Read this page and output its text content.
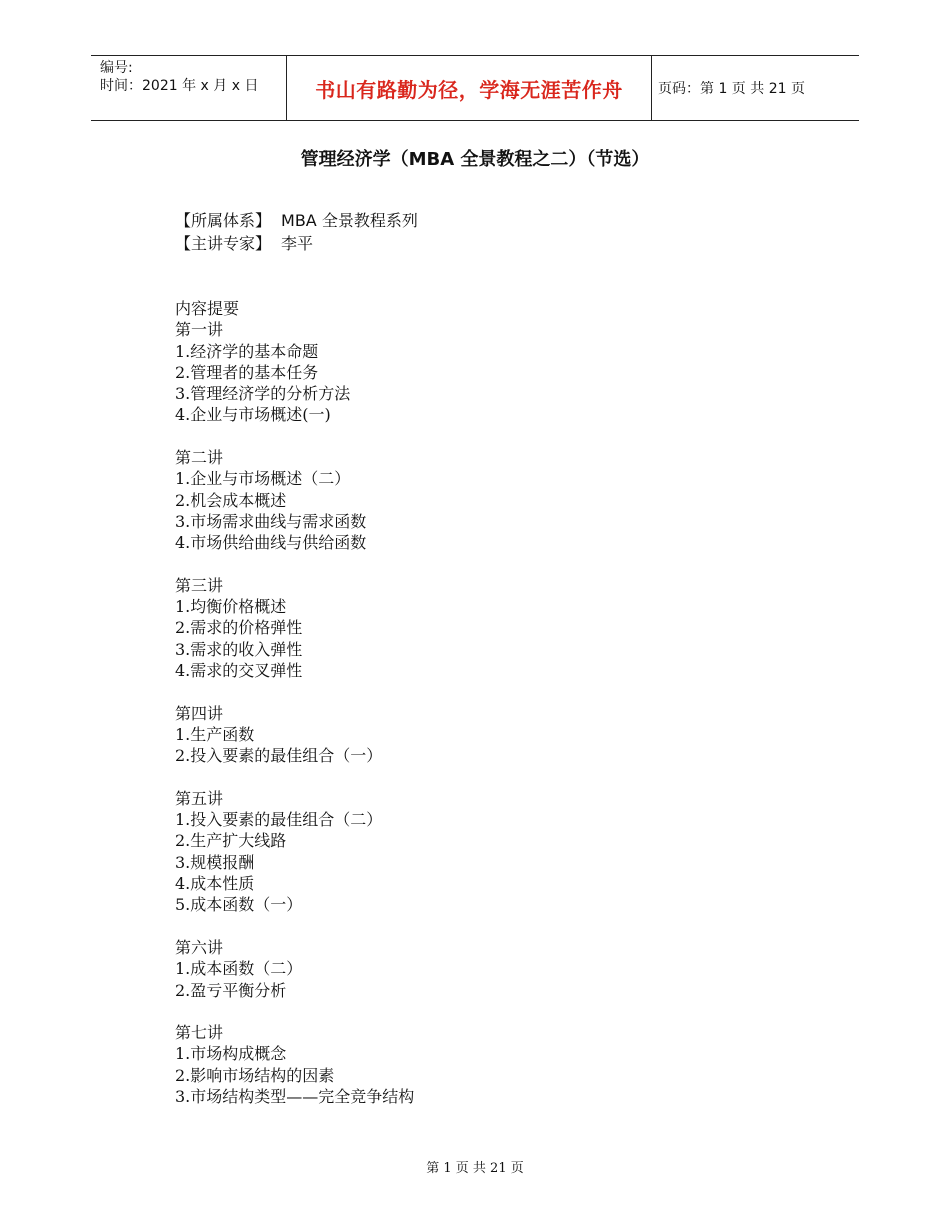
编号:
时间：2021 年 x 月 x 日	书山有路勤为径，学海无涯苦作舟	页码：第 1 页 共 21 页
管理经济学（MBA 全景教程之二）（节选）
【所属体系】 MBA 全景教程系列
【主讲专家】 李平
内容提要
第一讲
1.经济学的基本命题
2.管理者的基本任务
3.管理经济学的分析方法
4.企业与市场概述(一)
第二讲
1.企业与市场概述（二）
2.机会成本概述
3.市场需求曲线与需求函数
4.市场供给曲线与供给函数
第三讲
1.均衡价格概述
2.需求的价格弹性
3.需求的收入弹性
4.需求的交叉弹性
第四讲
1.生产函数
2.投入要素的最佳组合（一）
第五讲
1.投入要素的最佳组合（二）
2.生产扩大线路
3.规模报酬
4.成本性质
5.成本函数（一）
第六讲
1.成本函数（二）
2.盈亏平衡分析
第七讲
1.市场构成概念
2.影响市场结构的因素
3.市场结构类型——完全竞争结构
第 1 页 共 21 页
